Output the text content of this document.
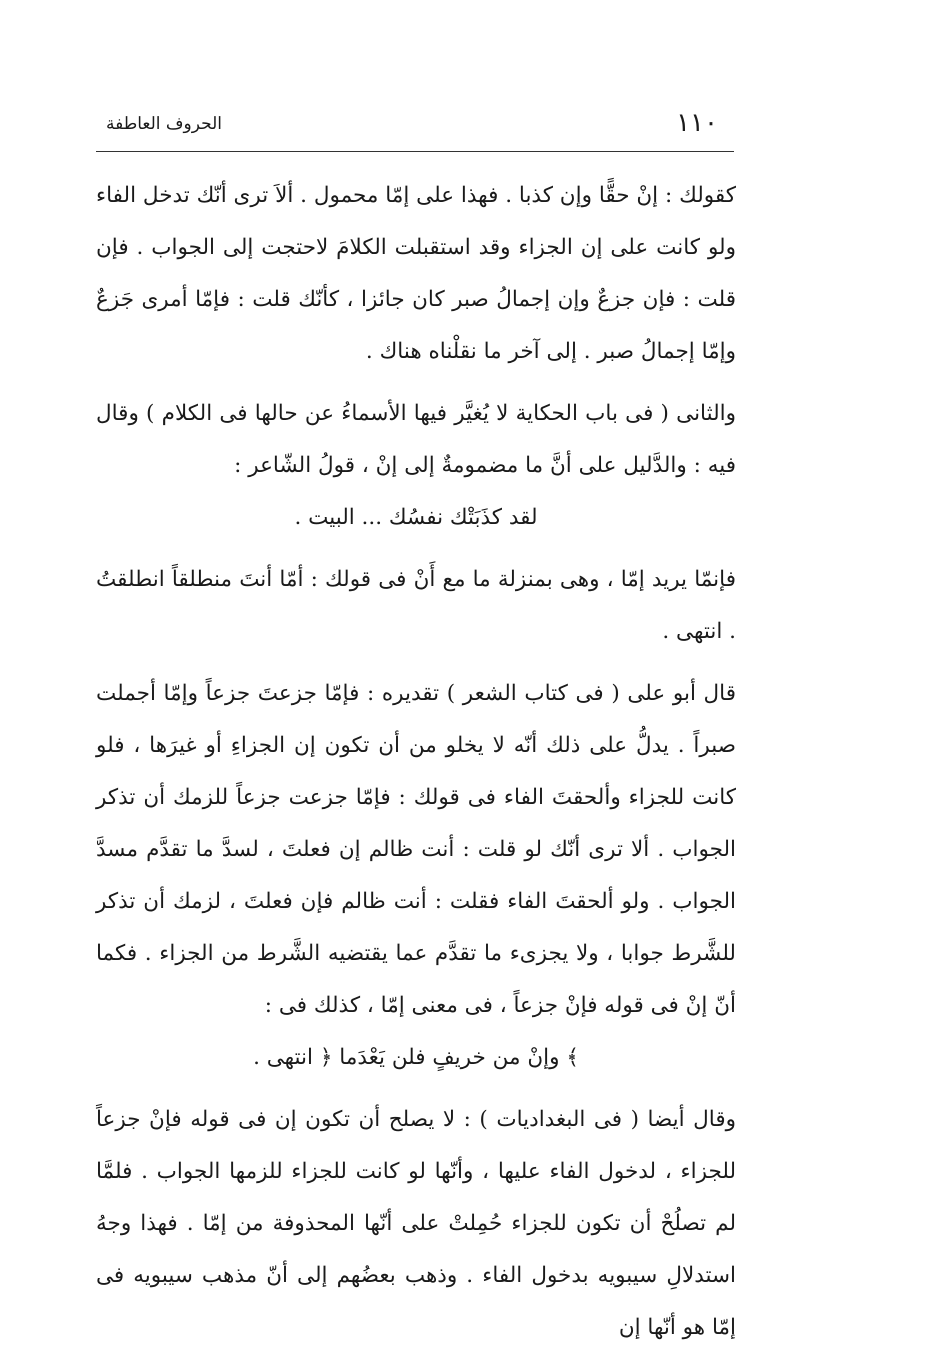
١١٠
الحروف العاطفة

كقولك : إنْ حقًّا وإن كذبا . فهذا على إمّا محمول . ألاَ ترى أنّك تدخل الفاء ولو كانت على إن الجزاء وقد استقبلت الكلامَ لاحتجت إلى الجواب . فإن قلت : فإن جزعٌ وإن إجمالُ صبر كان جائزا ، كأنّك قلت : فإمّا أمرى جَزعٌ وإمّا إجمالُ صبر . إلى آخر ما نقلْناه هناك .

والثانى ( فى باب الحكاية لا يُغيَّر فيها الأسماءُ عن حالها فى الكلام ) وقال فيه : والدَّليل على أنَّ ما مضمومةٌ إلى إنْ ، قولُ الشّاعر :

لقد كذَبَتْك نفسُك ... البيت .

فإنمّا يريد إمّا ، وهى بمنزلة ما مع أَنْ فى قولك : أمّا أنتَ منطلقاً انطلقتُ . انتهى .

قال أبو على ( فى كتاب الشعر ) تقديره : فإمّا جزعتَ جزعاً وإمّا أجملت صبراً . يدلُّ على ذلك أنّه لا يخلو من أن تكون إن الجزاءِ أو غيرَها ، فلو كانت للجزاء وألحقتَ الفاء فى قولك : فإمّا جزعت جزعاً للزمك أن تذكر الجواب . ألا ترى أنّك لو قلت : أنت ظالم إن فعلتَ ، لسدَّ ما تقدَّم مسدَّ الجواب . ولو ألحقتَ الفاء فقلت : أنت ظالم فإن فعلتَ ، لزمك أن تذكر للشَّرط جوابا ، ولا يجزىء ما تقدَّم عما يقتضيه الشَّرط من الجزاء . فكما أنّ إنْ فى قوله فإنْ جزعاً ، فى معنى إمّا ، كذلك فى :

﴾ وإنْ من خريفٍ فلن يَعْدَما ﴿ انتهى .

وقال أيضا ( فى البغداديات ) : لا يصلح أن تكون إن فى قوله فإنْ جزعاً للجزاء ، لدخول الفاء عليها ، وأنّها لو كانت للجزاء للزمها الجواب . فلمَّا لم تصلُحْ أن تكون للجزاء حُمِلتْ على أنّها المحذوفة من إمّا . فهذا وجهُ استدلالِ سيبويه بدخول الفاء . وذهب بعضُهم إلى أنّ مذهب سيبويه فى إمّا هو أنّها إن
